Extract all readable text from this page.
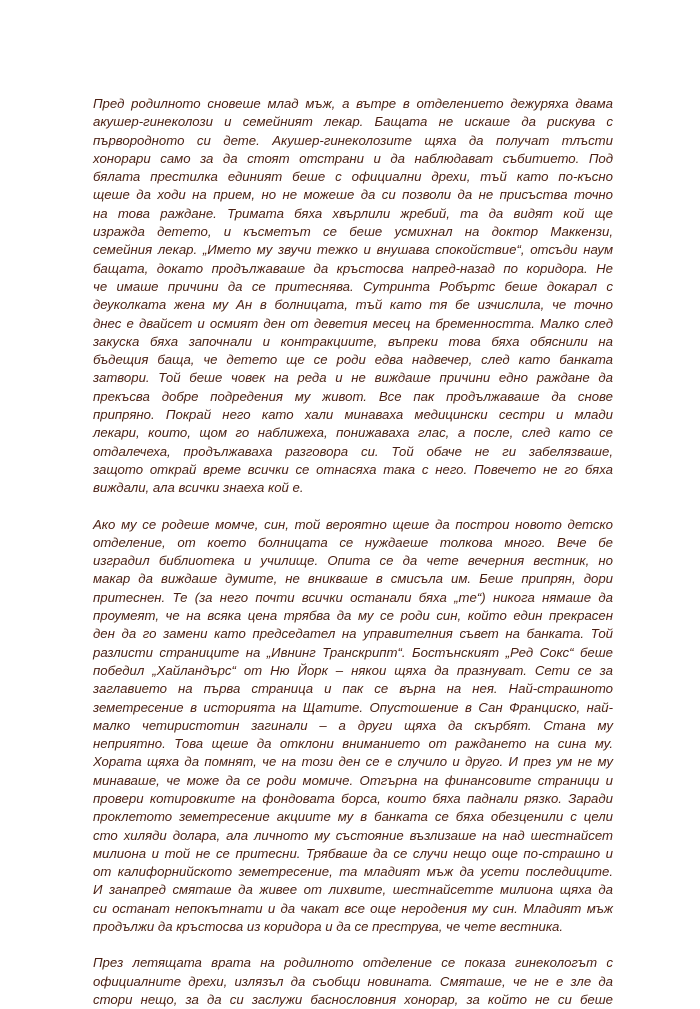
Пред родилното сновеше млад мъж, а вътре в отделението дежуряха двама
акушер-гинеколози и семейният лекар. Бащата не искаше да рискува с
първородното си дете. Акушер-гинеколозите щяха да получат тлъсти
хонорари само за да стоят отстрани и да наблюдават събитието. Под
бялата престилка единият беше с официални дрехи, тъй като по-късно
щеше да ходи на прием, но не можеше да си позволи да не присъства точно
на това раждане. Тримата бяха хвърлили жребий, та да видят кой ще
изражда детето, и късметът се беше усмихнал на доктор Маккензи,
семейния лекар. „Името му звучи тежко и внушава спокойствие“, отсъди наум
бащата, докато продължаваше да кръстосва напред-назад по коридора. Не
че имаше причини да се притеснява. Сутринта Робъртс беше докарал с
деуколката жена му Ан в болницата, тъй като тя бе изчислила, че точно
днес е двайсет и осмият ден от деветия месец на бременността. Малко след
закуска бяха започнали и контракциите, въпреки това бяха обяснили на
бъдещия баща, че детето ще се роди едва надвечер, след като банката
затвори. Той беше човек на реда и не виждаше причини едно раждане да
прекъсва добре подредения му живот. Все пак продължаваше да снове
припряно. Покрай него като хали минаваха медицински сестри и млади
лекари, които, щом го наближехa, понижаваха глас, а после, след като се
отдалечеха, продължаваха разговора си. Той обаче не ги забелязваше,
защото открай време всички се отнасяха така с него. Повечето не го бяха
виждали, ала всички знаеха кой е.

Ако му се родеше момче, син, той вероятно щеше да построи новото детско
отделение, от което болницата се нуждаеше толкова много. Вече бе
изградил библиотека и училище. Опита се да чете вечерния вестник, но
макар да виждаше думите, не вникваше в смисъла им. Беше припрян, дори
притеснен. Те (за него почти всички останали бяха „те“) никога нямаше да
проумеят, че на всяка цена трябва да му се роди син, който един прекрасен
ден да го замени като председател на управителния съвет на банката. Той
разлисти страниците на „Ивнинг Транскрипт“. Бостънският „Ред Сокс“ беше
победил „Хайландърс“ от Ню Йорк – някои щяха да празнуват. Сети се за
заглавието на първа страница и пак се върна на нея. Най-страшното
земетресение в историята на Щатите. Опустошение в Сан Франциско, най-
малко четиристотин загинали – а други щяха да скърбят. Стана му
неприятно. Това щеше да отклони вниманието от раждането на сина му.
Хората щяха да помнят, че на този ден се е случило и друго. И през ум не му
минаваше, че може да се роди момиче. Отгърна на финансовите страници и
провери котировките на фондовата борса, които бяха паднали рязко. Заради
проклетото земетресение акциите му в банката се бяха обезценили с цели
сто хиляди долара, ала личното му състояние възлизаше на над шестнайсет
милиона и той не се притесни. Трябваше да се случи нещо още по-страшно и
от калифорнийското земетресение, та младият мъж да усети последиците.
И занапред смяташе да живее от лихвите, шестнайсетте милиона щяха да
си останат непокътнати и да чакат все още неродения му син. Младият мъж
продължи да кръстосва из коридора и да се преструва, че чете вестника.

През летящата врата на родилното отделение се показа гинекологът с
официалните дрехи, излязъл да съобщи новината. Смяташе, че не е зле да
стори нещо, за да си заслужи баснословния хонорар, за който не си беше
